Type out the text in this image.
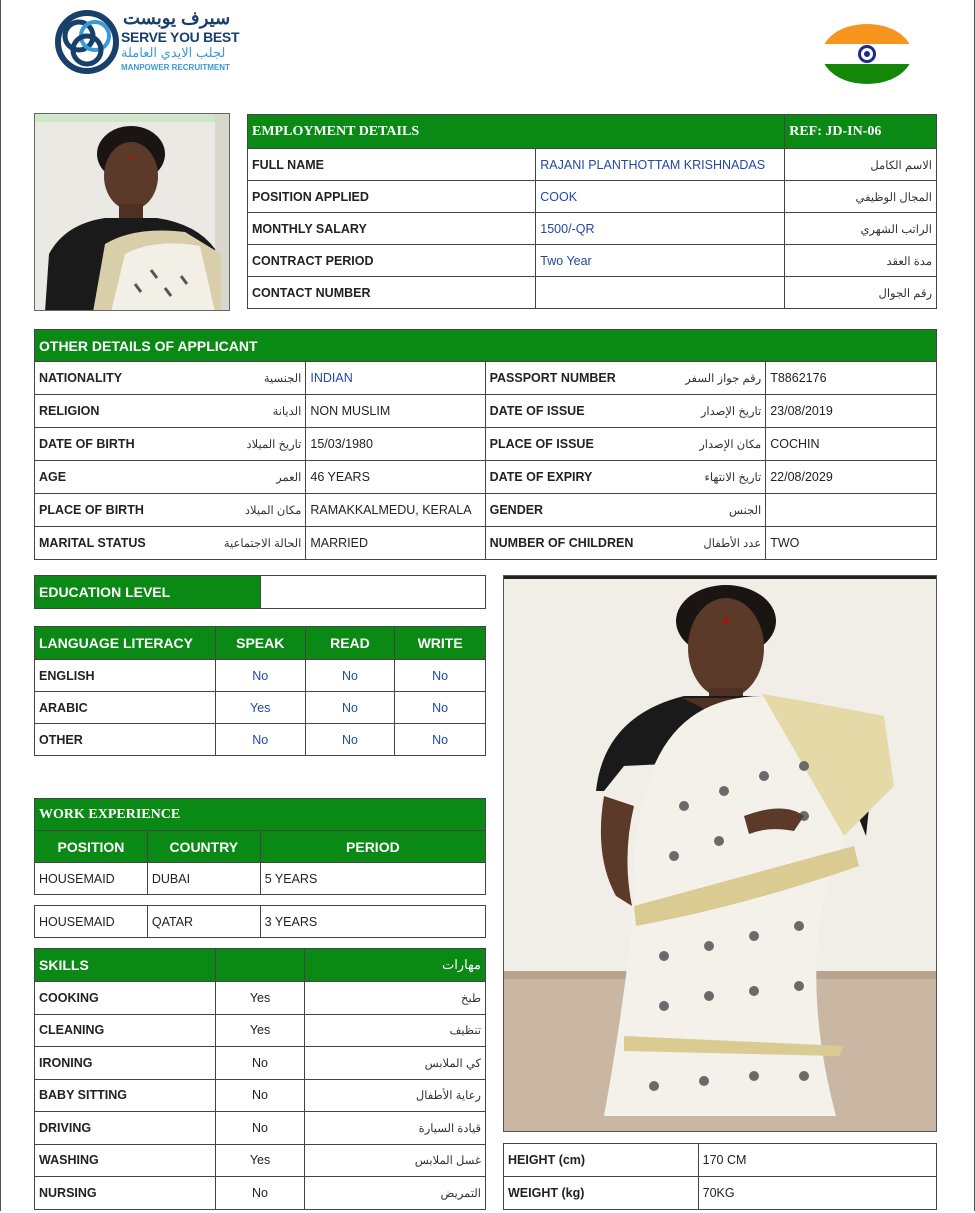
سيرف يوبست
SERVE YOU BEST
لجلب الايدي العاملة
MANPOWER RECRUITMENT
EMPLOYMENT DETAILS		REF: JD-IN-06
FULL NAME	RAJANI PLANTHOTTAM KRISHNADAS	الاسم الكامل
POSITION APPLIED	COOK	المجال الوظيفي
MONTHLY SALARY	1500/-QR	الراتب الشهري
CONTRACT PERIOD	Two Year	مدة العقد
CONTACT NUMBER		رقم الجوال
OTHER DETAILS OF APPLICANT					
NATIONALITY	الجنسية	INDIAN	PASSPORT NUMBER	رقم جواز السفر	T8862176
RELIGION	الديانة	NON MUSLIM	DATE OF ISSUE	تاريخ الإصدار	23/08/2019
DATE OF BIRTH	تاريخ الميلاد	15/03/1980	PLACE OF ISSUE	مكان الإصدار	COCHIN
AGE	العمر	46 YEARS	DATE OF EXPIRY	تاريخ الانتهاء	22/08/2029
PLACE OF BIRTH	مكان الميلاد	RAMAKKALMEDU, KERALA	GENDER	الجنس	
MARITAL STATUS	الحالة الاجتماعية	MARRIED	NUMBER OF CHILDREN	عدد الأطفال	TWO
EDUCATION LEVEL	
LANGUAGE LITERACY	SPEAK	READ	WRITE
ENGLISH	No	No	No
ARABIC	Yes	No	No
OTHER	No	No	No
WORK EXPERIENCE		
POSITION	COUNTRY	PERIOD
HOUSEMAID	DUBAI	5 YEARS
HOUSEMAID	QATAR	3 YEARS
SKILLS		مهارات
COOKING	Yes	طبخ
CLEANING	Yes	تنظيف
IRONING	No	كي الملابس
BABY SITTING	No	رعاية الأطفال
DRIVING	No	قيادة السيارة
WASHING	Yes	غسل الملابس
NURSING	No	التمريض
HEIGHT (cm)	170 CM
WEIGHT (kg)	70KG
